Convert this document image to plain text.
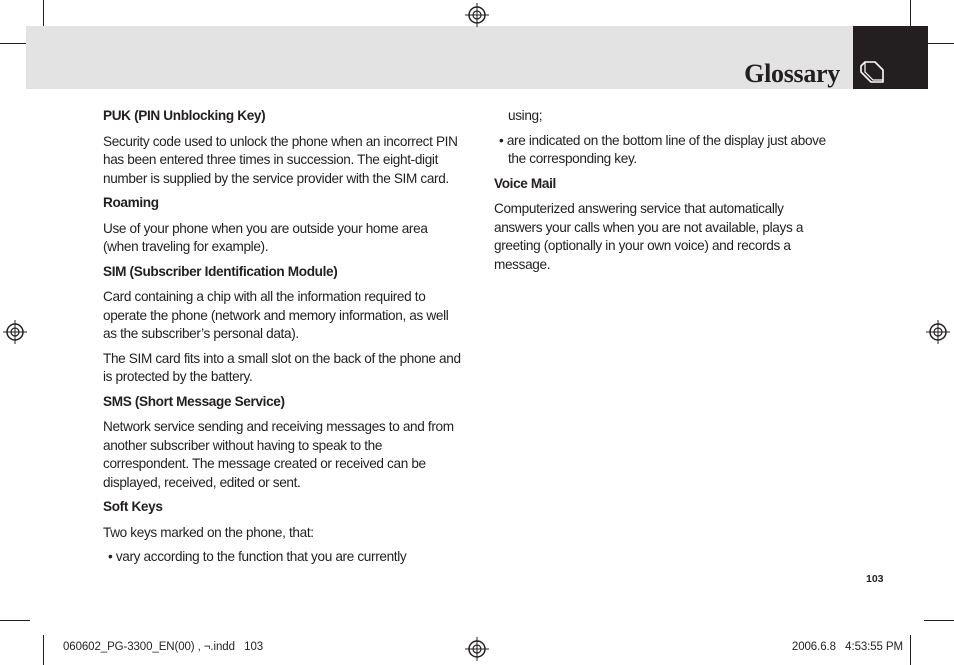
Glossary
PUK (PIN Unblocking Key)
Security code used to unlock the phone when an incorrect PIN has been entered three times in succession. The eight-digit number is supplied by the service provider with the SIM card.
Roaming
Use of your phone when you are outside your home area (when traveling for example).
SIM (Subscriber Identification Module)
Card containing a chip with all the information required to operate the phone (network and memory information, as well as the subscriber’s personal data).
The SIM card fits into a small slot on the back of the phone and is protected by the battery.
SMS (Short Message Service)
Network service sending and receiving messages to and from another subscriber without having to speak to the correspondent. The message created or received can be displayed, received, edited or sent.
Soft Keys
Two keys marked on the phone, that:
• vary according to the function that you are currently
using;
• are indicated on the bottom line of the display just above the corresponding key.
Voice Mail
Computerized answering service that automatically answers your calls when you are not available, plays a greeting (optionally in your own voice) and records a message.
103
060602_PG-3300_EN(00) , ¬.indd   103	2006.6.8   4:53:55 PM
